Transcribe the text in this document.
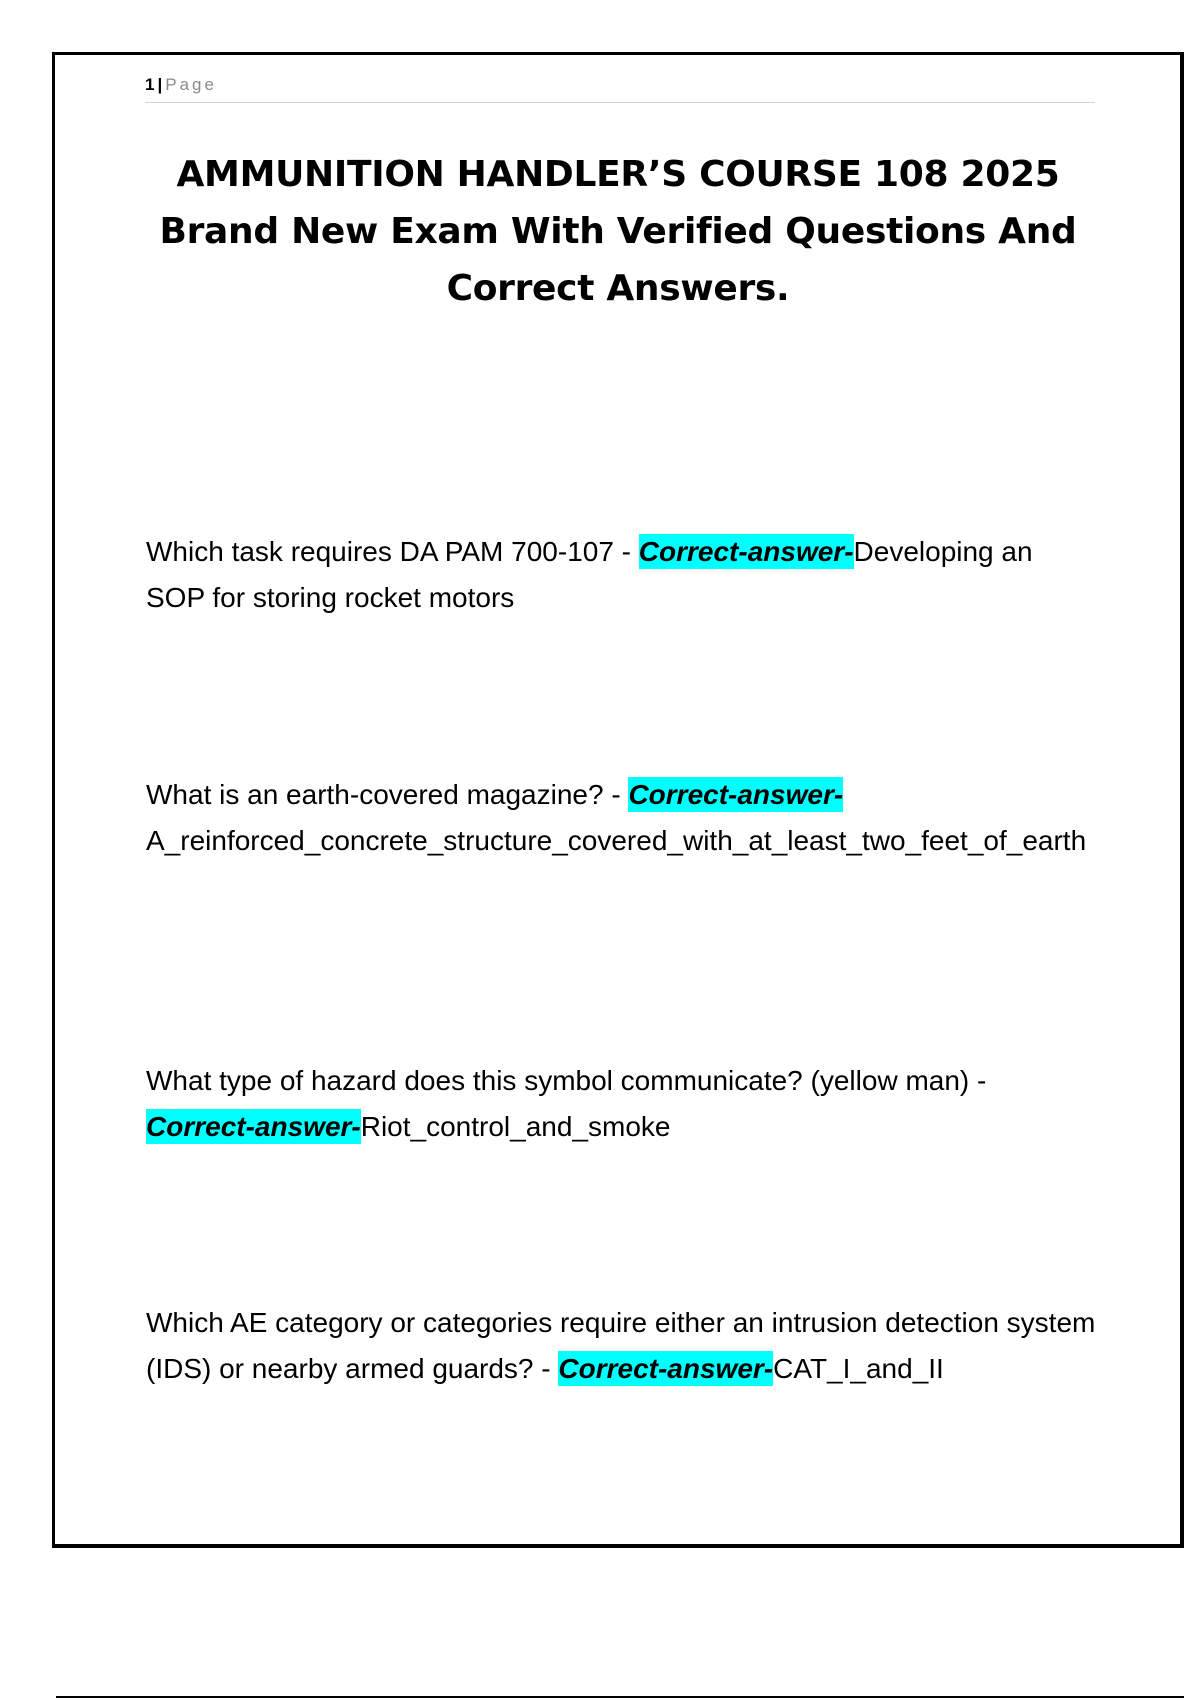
1 | Page
AMMUNITION HANDLER’S COURSE 108 2025
Brand New Exam With Verified Questions And
Correct Answers.

Which task requires DA PAM 700-107 - Correct-answer-Developing an SOP for storing rocket motors

What is an earth-covered magazine? - Correct-answer-
A_reinforced_concrete_structure_covered_with_at_least_two_feet_of_earth

What type of hazard does this symbol communicate? (yellow man) -
Correct-answer-Riot_control_and_smoke

Which AE category or categories require either an intrusion detection system (IDS) or nearby armed guards? - Correct-answer-CAT_I_and_II
